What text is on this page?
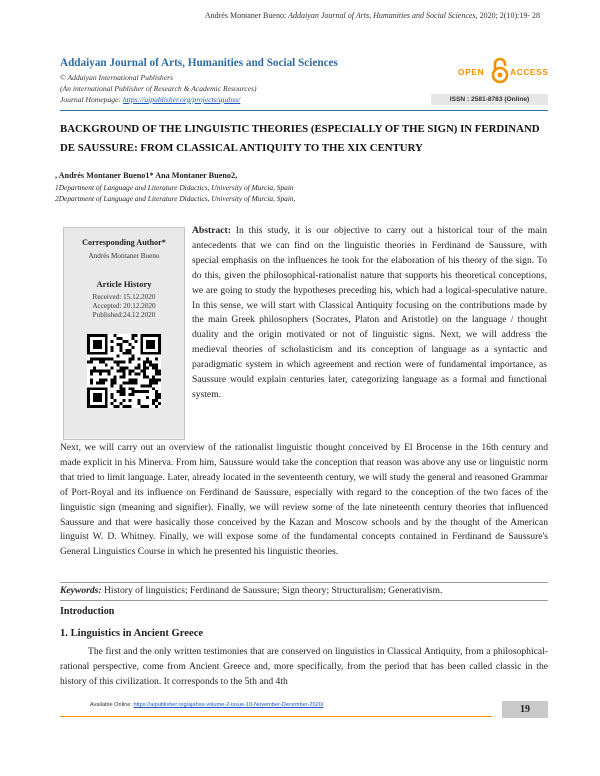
Andrés Montaner Bueno: Addaiyan Journal of Arts, Humanities and Social Sciences, 2020; 2(10):19- 28
Addaiyan Journal of Arts, Humanities and Social Sciences
© Addaiyan International Publishers
(An international Publisher of Research & Academic Resources)
Journal Homepage: https://aipublisher.org/projects/ajahss/
OPEN	ACCESS
ISSN : 2581-8783 (Online)
BACKGROUND OF THE LINGUISTIC THEORIES (ESPECIALLY OF THE SIGN) IN FERDINAND DE SAUSSURE: FROM CLASSICAL ANTIQUITY TO THE XIX CENTURY
, Andrés Montaner Bueno1* Ana Montaner Bueno2,
1Department of Language and Literature Didactics, University of Murcia, Spain
2Department of Language and Literature Didactics, University of Murcia, Spain,
Corresponding Author*
Andrés Montaner Bueno
Article History
Received: 15.12.2020
Accepted: 20.12.2020
Published:24.12.2020
Abstract: In this study, it is our objective to carry out a historical tour of the main antecedents that we can find on the linguistic theories in Ferdinand de Saussure, with special emphasis on the influences he took for the elaboration of his theory of the sign. To do this, given the philosophical-rationalist nature that supports his theoretical conceptions, we are going to study the hypotheses preceding his, which had a logical-speculative nature. In this sense, we will start with Classical Antiquity focusing on the contributions made by the main Greek philosophers (Socrates, Platon and Aristotle) on the language / thought duality and the origin motivated or not of linguistic signs. Next, we will address the medieval theories of scholasticism and its conception of language as a syntactic and paradigmatic system in which agreement and rection were of fundamental importance, as Saussure would explain centuries later, categorizing language as a formal and functional system.
Next, we will carry out an overview of the rationalist linguistic thought conceived by El Brocense in the 16th century and made explicit in his Minerva. From him, Saussure would take the conception that reason was above any use or linguistic norm that tried to limit language. Later, already located in the seventeenth century, we will study the general and reasoned Grammar of Port-Royal and its influence on Ferdinand de Saussure, especially with regard to the conception of the two faces of the linguistic sign (meaning and signifier). Finally, we will review some of the late nineteenth century theories that influenced Saussure and that were basically those conceived by the Kazan and Moscow schools and by the thought of the American linguist W. D. Whitney. Finally, we will expose some of the fundamental concepts contained in Ferdinand de Saussure's General Linguistics Course in which he presented his linguistic theories.
Keywords: History of linguistics; Ferdinand de Saussure; Sign theory; Structuralism; Generativism.
Introduction
1. Linguistics in Ancient Greece
The first and the only written testimonies that are conserved on linguistics in Classical Antiquity, from a philosophical-rational perspective, come from Ancient Greece and, more specifically, from the period that has been called classic in the history of this civilization. It corresponds to the 5th and 4th
Available Online: https://aipublisher.org/ajahss-volume-2-issue-10-November-December-2020/	19
